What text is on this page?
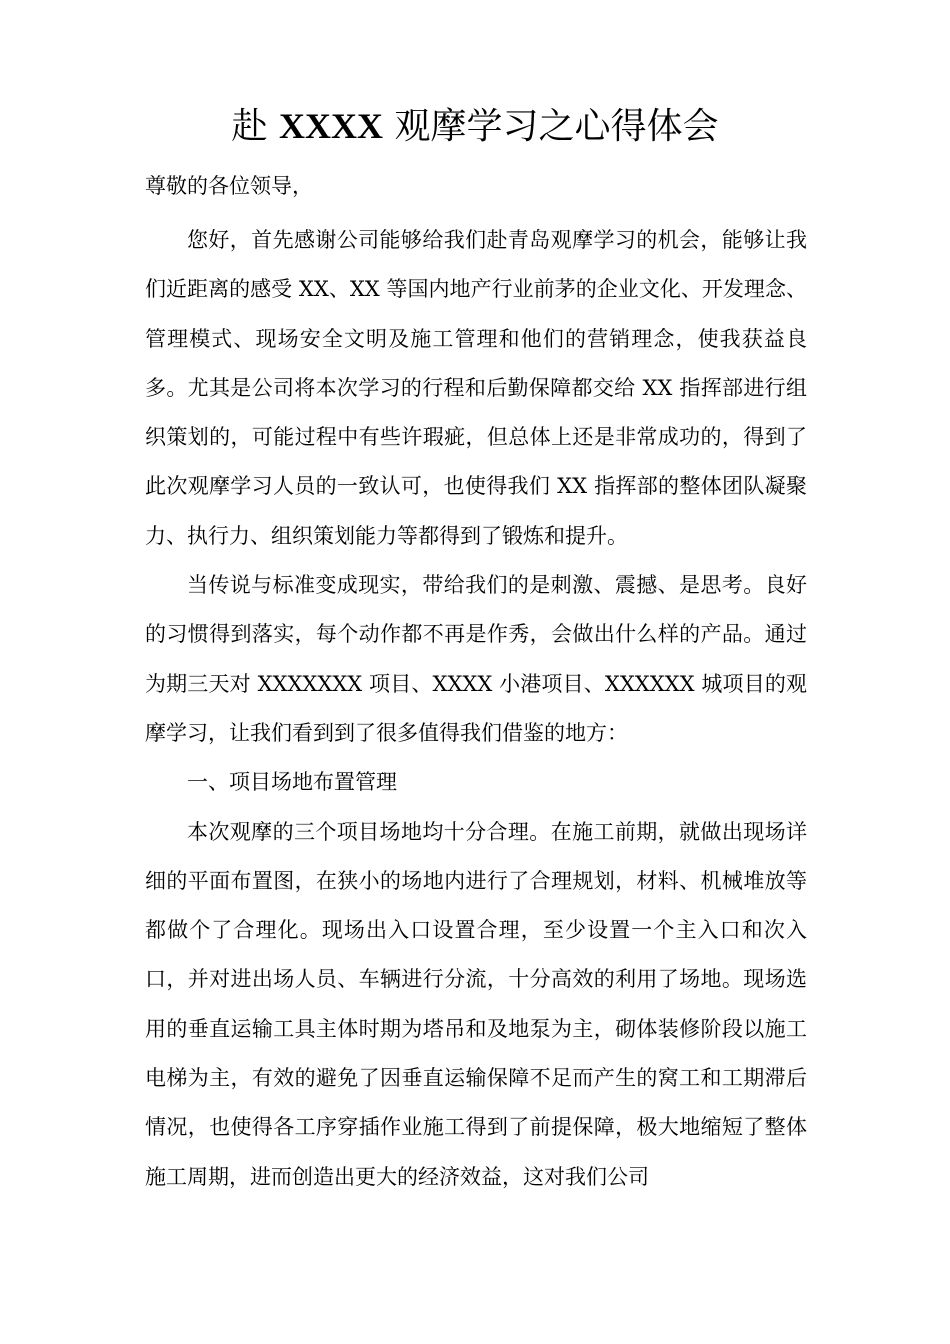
赴 XXXX 观摩学习之心得体会
尊敬的各位领导，

您好，首先感谢公司能够给我们赴青岛观摩学习的机会，能够让我们近距离的感受 XX、XX 等国内地产行业前茅的企业文化、开发理念、管理模式、现场安全文明及施工管理和他们的营销理念，使我获益良多。尤其是公司将本次学习的行程和后勤保障都交给 XX 指挥部进行组织策划的，可能过程中有些许瑕疵，但总体上还是非常成功的，得到了此次观摩学习人员的一致认可，也使得我们 XX 指挥部的整体团队凝聚力、执行力、组织策划能力等都得到了锻炼和提升。

当传说与标准变成现实，带给我们的是刺激、震撼、是思考。良好的习惯得到落实，每个动作都不再是作秀，会做出什么样的产品。通过为期三天对 XXXXXXX 项目、XXXX 小港项目、XXXXXX 城项目的观摩学习，让我们看到到了很多值得我们借鉴的地方：

一、项目场地布置管理

本次观摩的三个项目场地均十分合理。在施工前期，就做出现场详细的平面布置图，在狭小的场地内进行了合理规划，材料、机械堆放等都做个了合理化。现场出入口设置合理，至少设置一个主入口和次入口，并对进出场人员、车辆进行分流，十分高效的利用了场地。现场选用的垂直运输工具主体时期为塔吊和及地泵为主，砌体装修阶段以施工电梯为主，有效的避免了因垂直运输保障不足而产生的窝工和工期滞后情况，也使得各工序穿插作业施工得到了前提保障，极大地缩短了整体施工周期，进而创造出更大的经济效益，这对我们公司
